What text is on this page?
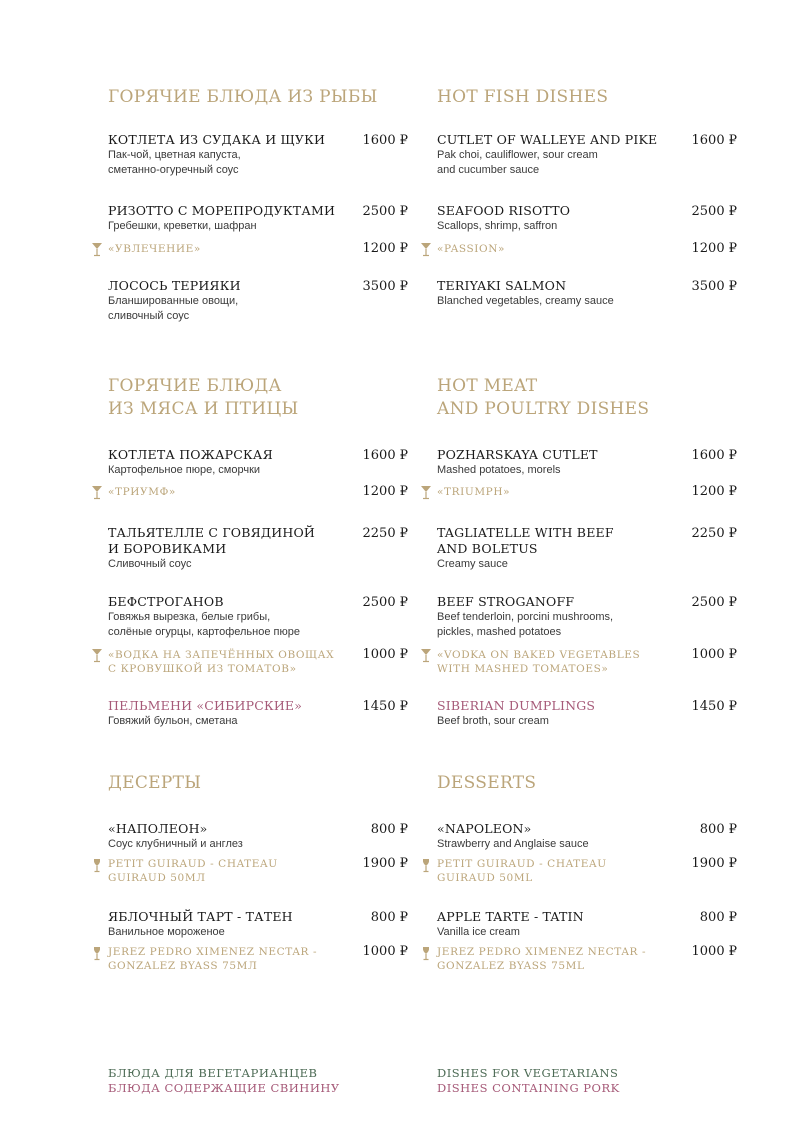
ГОРЯЧИЕ БЛЮДА ИЗ РЫБЫ
КОТЛЕТА ИЗ СУДАКА И ЩУКИ
Пак-чой, цветная капуста,
сметанно-огуречный соус
1600 ₽
РИЗОТТО С МОРЕПРОДУКТАМИ
Гребешки, креветки, шафран
2500 ₽
«УВЛЕЧЕНИЕ»	1200 ₽
ЛОСОСЬ ТЕРИЯКИ
Бланшированные овощи,
сливочный соус
3500 ₽
ГОРЯЧИЕ БЛЮДА
ИЗ МЯСА И ПТИЦЫ
КОТЛЕТА ПОЖАРСКАЯ
Картофельное пюре, сморчки
1600 ₽
«ТРИУМФ»	1200 ₽
ТАЛЬЯТЕЛЛЕ С ГОВЯДИНОЙ
И БОРОВИКАМИ
Сливочный соус
2250 ₽
БЕФСТРОГАНОВ
Говяжья вырезка, белые грибы,
солёные огурцы, картофельное пюре
2500 ₽
«ВОДКА НА ЗАПЕЧЁННЫХ ОВОЩАХ
С КРОВУШКОЙ ИЗ ТОМАТОВ»
1000 ₽
ПЕЛЬМЕНИ «СИБИРСКИЕ»
Говяжий бульон, сметана
1450 ₽
ДЕСЕРТЫ
«НАПОЛЕОН»
Соус клубничный и англез
800 ₽
PETIT GUIRAUD - CHATEAU
GUIRAUD 50МЛ
1900 ₽
ЯБЛОЧНЫЙ ТАРТ - ТАТЕН
Ванильное мороженое
800 ₽
JEREZ PEDRO XIMENEZ NECTAR -
GONZALEZ BYASS 75МЛ
1000 ₽
БЛЮДА ДЛЯ ВЕГЕТАРИАНЦЕВ
БЛЮДА СОДЕРЖАЩИЕ СВИНИНУ
HOT FISH DISHES
CUTLET OF WALLEYE AND PIKE
Pak choi, cauliflower, sour cream
and cucumber sauce
1600 ₽
SEAFOOD RISOTTO
Scallops, shrimp, saffron
2500 ₽
«PASSION»	1200 ₽
TERIYAKI SALMON
Blanched vegetables, creamy sauce
3500 ₽
HOT MEAT
AND POULTRY DISHES
POZHARSKAYA CUTLET
Mashed potatoes, morels
1600 ₽
«TRIUMPH»	1200 ₽
TAGLIATELLE WITH BEEF
AND BOLETUS
Creamy sauce
2250 ₽
BEEF STROGANOFF
Beef tenderloin, porcini mushrooms,
pickles, mashed potatoes
2500 ₽
«VODKA ON BAKED VEGETABLES
WITH MASHED TOMATOES»
1000 ₽
SIBERIAN DUMPLINGS
Beef broth, sour cream
1450 ₽
DESSERTS
«NAPOLEON»
Strawberry and Anglaise sauce
800 ₽
PETIT GUIRAUD - CHATEAU
GUIRAUD 50ML
1900 ₽
APPLE TARTE - TATIN
Vanilla ice cream
800 ₽
JEREZ PEDRO XIMENEZ NECTAR -
GONZALEZ BYASS 75ML
1000 ₽
DISHES FOR VEGETARIANS
DISHES CONTAINING PORK
